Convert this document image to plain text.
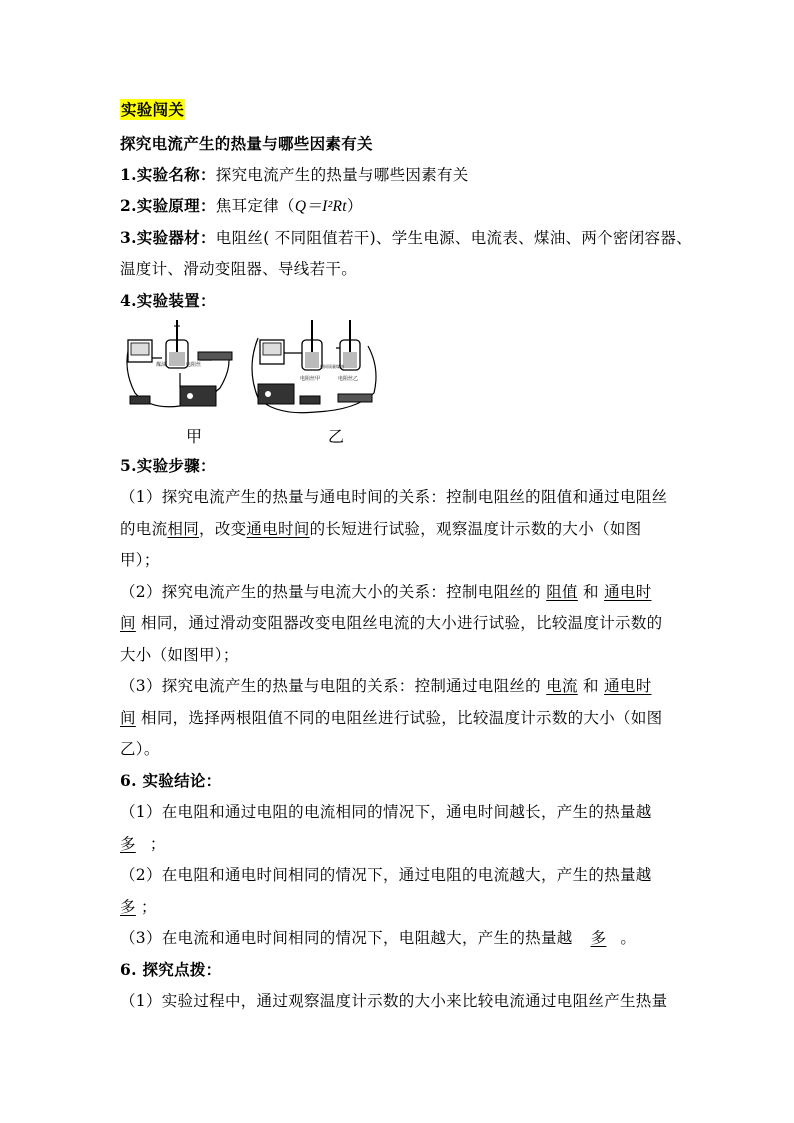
实验闯关
探究电流产生的热量与哪些因素有关
1.实验名称：探究电流产生的热量与哪些因素有关
2.实验原理：焦耳定律（Q＝I²Rt）
3.实验器材：电阻丝( 不同阻值若干)、学生电源、电流表、煤油、两个密闭容器、
温度计、滑动变阻器、导线若干。
4.实验装置：
煤油	电阻丝
电阻丝甲	电阻丝乙
相同质量煤油
甲	乙
5.实验步骤：
（1）探究电流产生的热量与通电时间的关系：控制电阻丝的阻值和通过电阻丝
的电流相同，改变通电时间的长短进行试验，观察温度计示数的大小（如图
甲）；
（2）探究电流产生的热量与电流大小的关系：控制电阻丝的 阻值 和 通电时
间 相同，通过滑动变阻器改变电阻丝电流的大小进行试验，比较温度计示数的
大小（如图甲）；
（3）探究电流产生的热量与电阻的关系：控制通过电阻丝的 电流 和 通电时
间 相同，选择两根阻值不同的电阻丝进行试验，比较温度计示数的大小（如图
乙）。
6. 实验结论：
（1）在电阻和通过电阻的电流相同的情况下，通电时间越长，产生的热量越
多 ；
（2）在电阻和通电时间相同的情况下，通过电阻的电流越大，产生的热量越
多 ；
（3）在电流和通电时间相同的情况下，电阻越大，产生的热量越 多 。
6. 探究点拨：
（1）实验过程中，通过观察温度计示数的大小来比较电流通过电阻丝产生热量
